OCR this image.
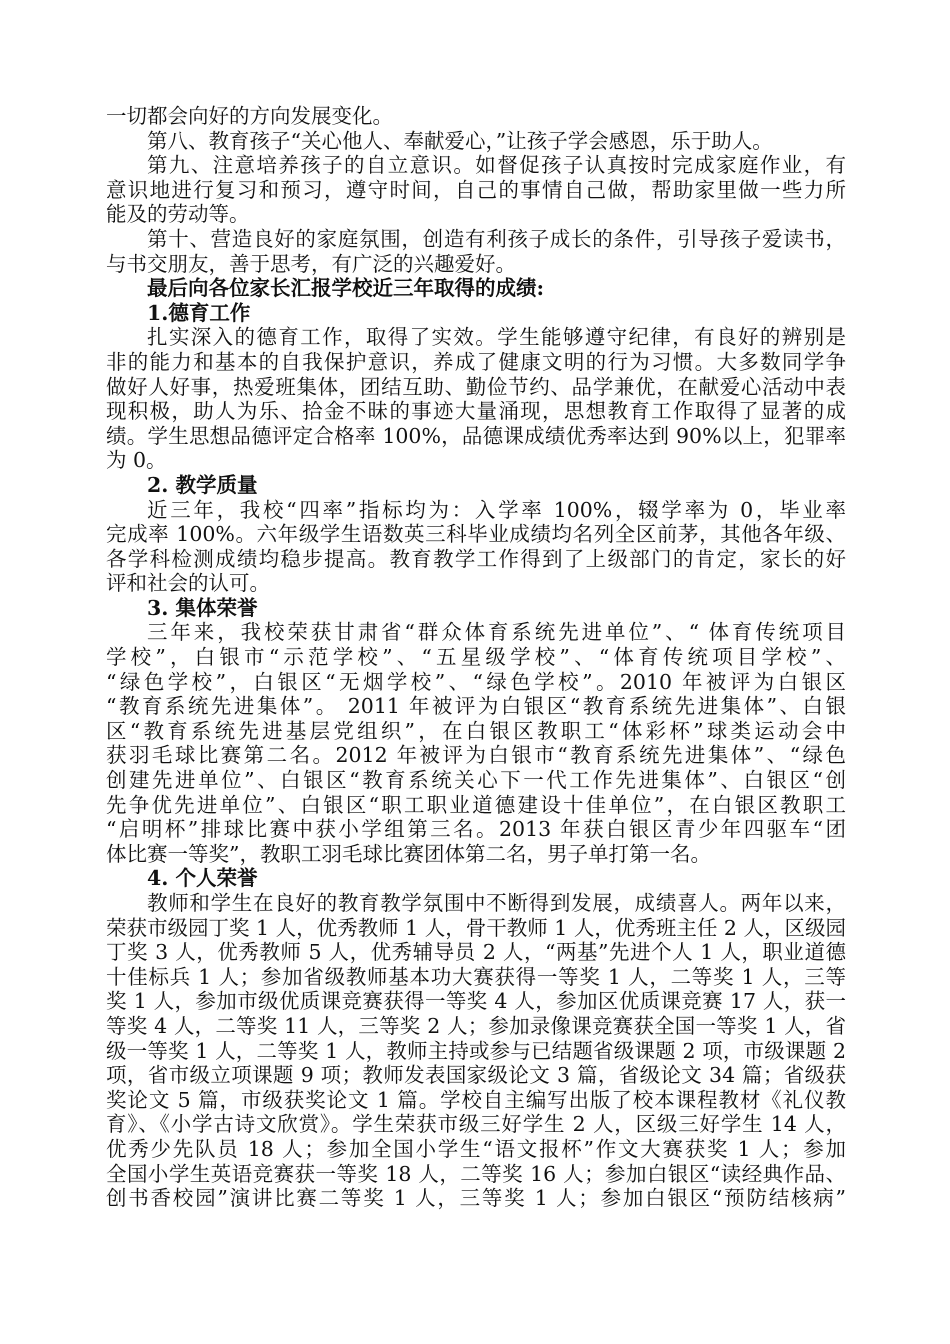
一切都会向好的方向发展变化。
第八、教育孩子“关心他人、奉献爱心，”让孩子学会感恩，乐于助人。
第九、注意培养孩子的自立意识。如督促孩子认真按时完成家庭作业，有
意识地进行复习和预习，遵守时间，自己的事情自己做，帮助家里做一些力所
能及的劳动等。
第十、营造良好的家庭氛围，创造有利孩子成长的条件，引导孩子爱读书，
与书交朋友，善于思考，有广泛的兴趣爱好。
最后向各位家长汇报学校近三年取得的成绩:
1.德育工作
扎实深入的德育工作，取得了实效。学生能够遵守纪律，有良好的辨别是
非的能力和基本的自我保护意识，养成了健康文明的行为习惯。大多数同学争
做好人好事，热爱班集体，团结互助、勤俭节约、品学兼优，在献爱心活动中表
现积极，助人为乐、拾金不昧的事迹大量涌现，思想教育工作取得了显著的成
绩。学生思想品德评定合格率 100%，品德课成绩优秀率达到 90%以上，犯罪率
为 0。
2. 教学质量
近三年，我校“四率”指标均为：入学率 100%，辍学率为 0，毕业率
完成率 100%。六年级学生语数英三科毕业成绩均名列全区前茅，其他各年级、
各学科检测成绩均稳步提高。教育教学工作得到了上级部门的肯定，家长的好
评和社会的认可。
3. 集体荣誉
三年来，我校荣获甘肃省“群众体育系统先进单位”、“ 体育传统项目
学校”，白银市“示范学校”、“五星级学校”、“体育传统项目学校”、
“绿色学校”，白银区“无烟学校”、“绿色学校”。2010 年被评为白银区
“教育系统先进集体”。 2011 年被评为白银区“教育系统先进集体”、白银
区“教育系统先进基层党组织”，在白银区教职工“体彩杯”球类运动会中
获羽毛球比赛第二名。2012 年被评为白银市“教育系统先进集体”、“绿色
创建先进单位”、白银区“教育系统关心下一代工作先进集体”、白银区“创
先争优先进单位”、白银区“职工职业道德建设十佳单位”，在白银区教职工
“启明杯”排球比赛中获小学组第三名。2013 年获白银区青少年四驱车“团
体比赛一等奖”，教职工羽毛球比赛团体第二名，男子单打第一名。
4. 个人荣誉
教师和学生在良好的教育教学氛围中不断得到发展，成绩喜人。两年以来，
荣获市级园丁奖 1 人，优秀教师 1 人，骨干教师 1 人，优秀班主任 2 人，区级园
丁奖 3 人，优秀教师 5 人，优秀辅导员 2 人，“两基”先进个人 1 人，职业道德
十佳标兵 1 人；参加省级教师基本功大赛获得一等奖 1 人，二等奖 1 人，三等
奖 1 人，参加市级优质课竞赛获得一等奖 4 人，参加区优质课竞赛 17 人，获一
等奖 4 人，二等奖 11 人，三等奖 2 人；参加录像课竞赛获全国一等奖 1 人，省
级一等奖 1 人，二等奖 1 人，教师主持或参与已结题省级课题 2 项，市级课题 2
项，省市级立项课题 9 项；教师发表国家级论文 3 篇，省级论文 34 篇；省级获
奖论文 5 篇，市级获奖论文 1 篇。学校自主编写出版了校本课程教材《礼仪教
育》、《小学古诗文欣赏》。学生荣获市级三好学生 2 人，区级三好学生 14 人，
优秀少先队员 18 人；参加全国小学生“语文报杯”作文大赛获奖 1 人；参加
全国小学生英语竞赛获一等奖 18 人，二等奖 16 人；参加白银区“读经典作品、
创书香校园”演讲比赛二等奖 1 人，三等奖 1 人；参加白银区“预防结核病”
